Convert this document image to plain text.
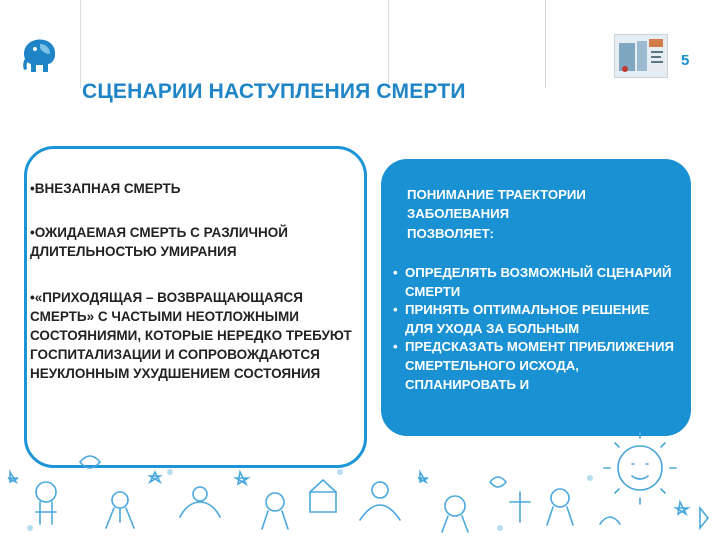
5
СЦЕНАРИИ НАСТУПЛЕНИЯ СМЕРТИ
•ВНЕЗАПНАЯ СМЕРТЬ
•ОЖИДАЕМАЯ СМЕРТЬ С РАЗЛИЧНОЙ ДЛИТЕЛЬНОСТЬЮ УМИРАНИЯ
•«ПРИХОДЯЩАЯ – ВОЗВРАЩАЮЩАЯСЯ СМЕРТЬ» С ЧАСТЫМИ НЕОТЛОЖНЫМИ СОСТОЯНИЯМИ, КОТОРЫЕ НЕРЕДКО ТРЕБУЮТ ГОСПИТАЛИЗАЦИИ И СОПРОВОЖДАЮТСЯ НЕУКЛОННЫМ УХУДШЕНИЕМ СОСТОЯНИЯ
ПОНИМАНИЕ ТРАЕКТОРИИ ЗАБОЛЕВАНИЯ
ПОЗВОЛЯЕТ:
• ОПРЕДЕЛЯТЬ ВОЗМОЖНЫЙ СЦЕНАРИЙ СМЕРТИ
• ПРИНЯТЬ ОПТИМАЛЬНОЕ РЕШЕНИЕ ДЛЯ УХОДА ЗА БОЛЬНЫМ
• ПРЕДСКАЗАТЬ МОМЕНТ ПРИБЛИЖЕНИЯ СМЕРТЕЛЬНОГО ИСХОДА, СПЛАНИРОВАТЬ И
